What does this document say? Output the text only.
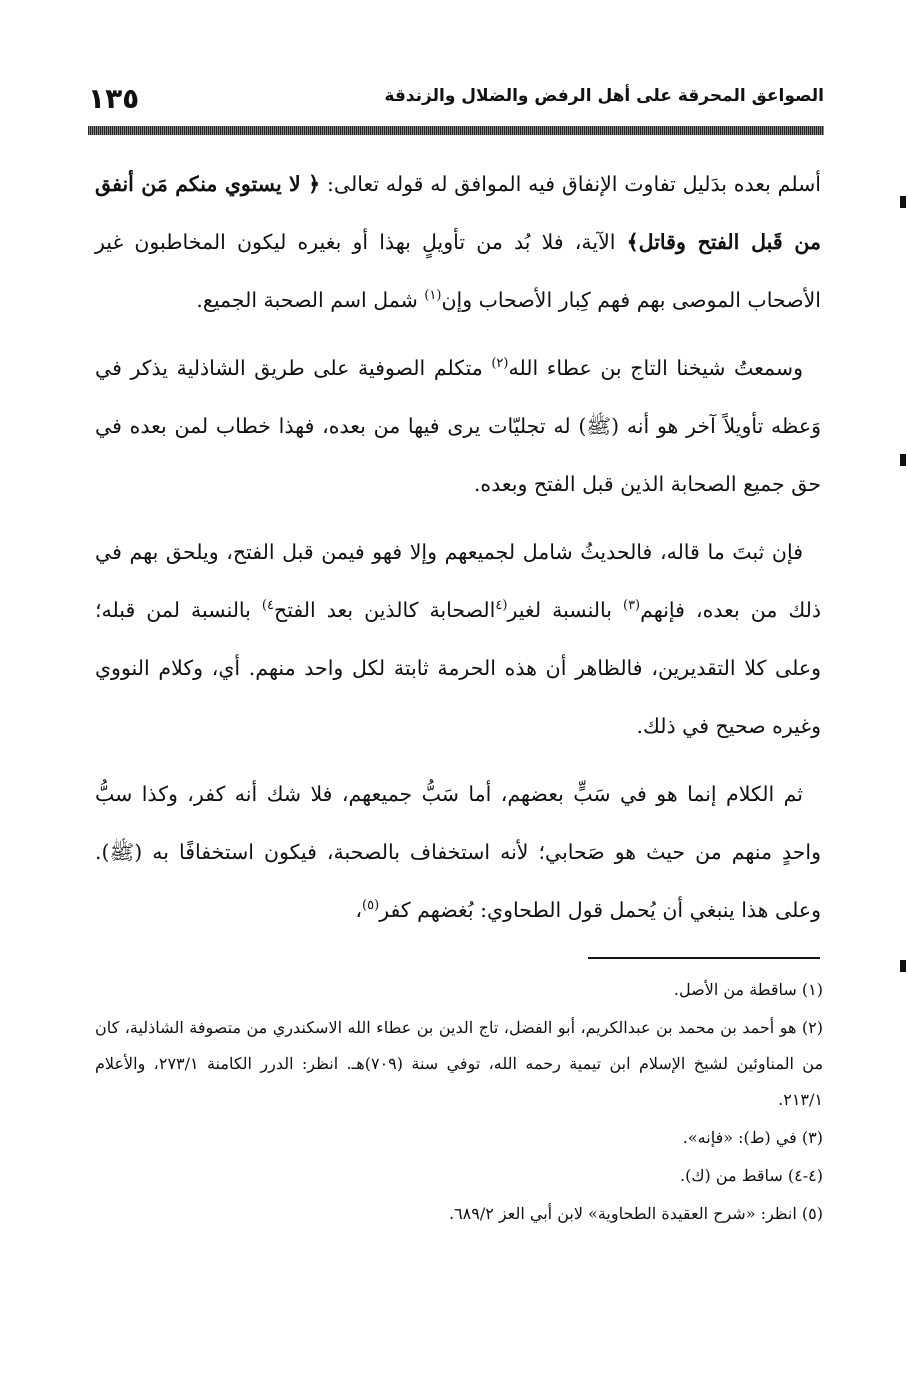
١٣٥	الصواعق المحرقة على أهل الرفض والضلال والزندقة

أسلم بعده بدَليل تفاوت الإنفاق فيه الموافق له قوله تعالى: ﴿ لا يستوي منكم مَن أنفق من قَبل الفتح وقاتل﴾ الآية، فلا بُد من تأويلٍ بهذا أو بغيره ليكون المخاطبون غير الأصحاب الموصى بهم فهم كِبار الأصحاب وإن$^{(١)}$ شمل اسم الصحبة الجميع.

وسمعتُ شيخنا التاج بن عطاء الله$^{(٢)}$ متكلم الصوفية على طريق الشاذلية يذكر في وَعظه تأويلاً آخر هو أنه (ﷺ) له تجليّات يرى فيها من بعده، فهذا خطاب لمن بعده في حق جميع الصحابة الذين قبل الفتح وبعده.

فإن ثبتَ ما قاله، فالحديثُ شامل لجميعهم وإلا فهو فيمن قبل الفتح، ويلحق بهم في ذلك من بعده، فإنهم$^{(٣)}$ بالنسبة لغير$^{(٤}$الصحابة كالذين بعد الفتح$^{٤)}$ بالنسبة لمن قبله؛ وعلى كلا التقديرين، فالظاهر أن هذه الحرمة ثابتة لكل واحد منهم. أي، وكلام النووي وغيره صحيح في ذلك.

ثم الكلام إنما هو في سَبٍّ بعضهم، أما سَبُّ جميعهم، فلا شك أنه كفر، وكذا سبُّ واحدٍ منهم من حيث هو صَحابي؛ لأنه استخفاف بالصحبة، فيكون استخفافًا به (ﷺ). وعلى هذا ينبغي أن يُحمل قول الطحاوي: بُغضهم كفر$^{(٥)}$،

(١) ساقطة من الأصل.

(٢) هو أحمد بن محمد بن عبدالكريم، أبو الفضل، تاج الدين بن عطاء الله الاسكندري من متصوفة الشاذلية، كان من المناوئين لشيخ الإسلام ابن تيمية رحمه الله، توفي سنة (٧٠٩)هـ. انظر: الدرر الكامنة ٢٧٣/١، والأعلام ٢١٣/١.

(٣) في (ط): «فإنه».

(٤-٤) ساقط من (ك).

(٥) انظر: «شرح العقيدة الطحاوية» لابن أبي العز ٦٨٩/٢.
